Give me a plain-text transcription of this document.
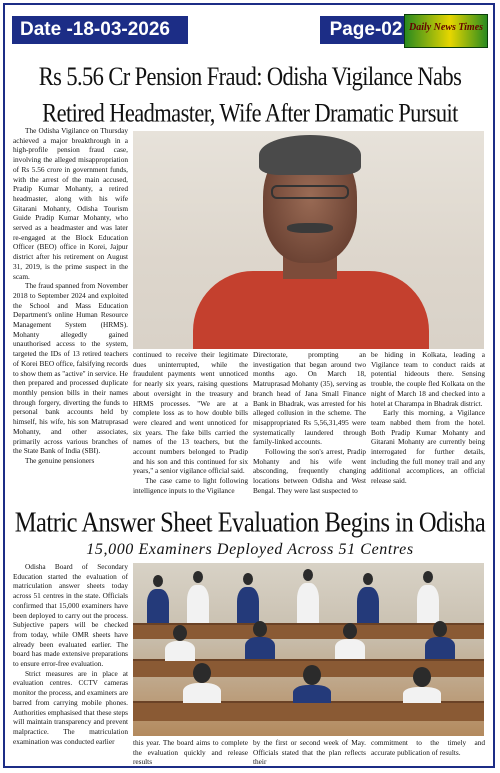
Date -18-03-2026	Page-02 Daily News Times
Rs 5.56 Cr Pension Fraud: Odisha Vigilance Nabs Retired Headmaster, Wife After Dramatic Pursuit

The Odisha Vigilance on Thursday achieved a major breakthrough in a high-profile pension fraud case, involving the alleged misappropriation of Rs 5.56 crore in government funds, with the arrest of the main accused, Pradip Kumar Mohanty, a retired headmaster, along with his wife Gitarani Mohanty, Odisha Tourism Guide Pradip Kumar Mohanty, who served as a headmaster and was later re-engaged at the Block Education Officer (BEO) office in Korei, Jajpur district after his retirement on August 31, 2019, is the prime suspect in the scam.

The fraud spanned from November 2018 to September 2024 and exploited the School and Mass Education Department's online Human Resource Management System (HRMS). Mohanty allegedly gained unauthorised access to the system, targeted the IDs of 13 retired teachers of Korei BEO office, falsifying records to show them as "active" in service. He then prepared and processed duplicate monthly pension bills in their names through forgery, diverting the funds to personal bank accounts held by himself, his wife, his son Matruprasad Mohanty, and other associates, primarily across various branches of the State Bank of India (SBI).

The genuine pensioners

continued to receive their legitimate dues uninterrupted, while the fraudulent payments went unnoticed for nearly six years, raising questions about oversight in the treasury and HRMS processes. "We are at a complete loss as to how double bills were cleared and went unnoticed for six years. The fake bills carried the names of the 13 teachers, but the account numbers belonged to Pradip and his son and this continued for six years," a senior vigilance official said.

The case came to light following intelligence inputs to the Vigilance

Directorate, prompting an investigation that began around two months ago. On March 18, Matruprasad Mohanty (35), serving as branch head of Jana Small Finance Bank in Bhadrak, was arrested for his alleged collusion in the scheme. The misappropriated Rs 5,56,31,495 were systematically laundered through family-linked accounts.

Following the son's arrest, Pradip Mohanty and his wife went absconding, frequently changing locations between Odisha and West Bengal. They were last suspected to

be hiding in Kolkata, leading a Vigilance team to conduct raids at potential hideouts there. Sensing trouble, the couple fled Kolkata on the night of March 18 and checked into a hotel at Charampa in Bhadrak district.

Early this morning, a Vigilance team nabbed them from the hotel. Both Pradip Kumar Mohanty and Gitarani Mohanty are currently being interrogated for further details, including the full money trail and any additional accomplices, an official release said.

Matric Answer Sheet Evaluation Begins in Odisha
15,000 Examiners Deployed Across 51 Centres

Odisha Board of Secondary Education started the evaluation of matriculation answer sheets today across 51 centres in the state. Officials confirmed that 15,000 examiners have been deployed to carry out the process. Subjective papers will be checked from today, while OMR sheets have already been evaluated earlier. The board has made extensive preparations to ensure error-free evaluation.

Strict measures are in place at evaluation centres. CCTV cameras monitor the process, and examiners are barred from carrying mobile phones. Authorities emphasised that these steps will maintain transparency and prevent malpractice. The matriculation examination was conducted earlier	this year. The board aims to complete the evaluation quickly and release results

by the first or second week of May. Officials stated that the plan reflects their

commitment to the timely and accurate publication of results.
